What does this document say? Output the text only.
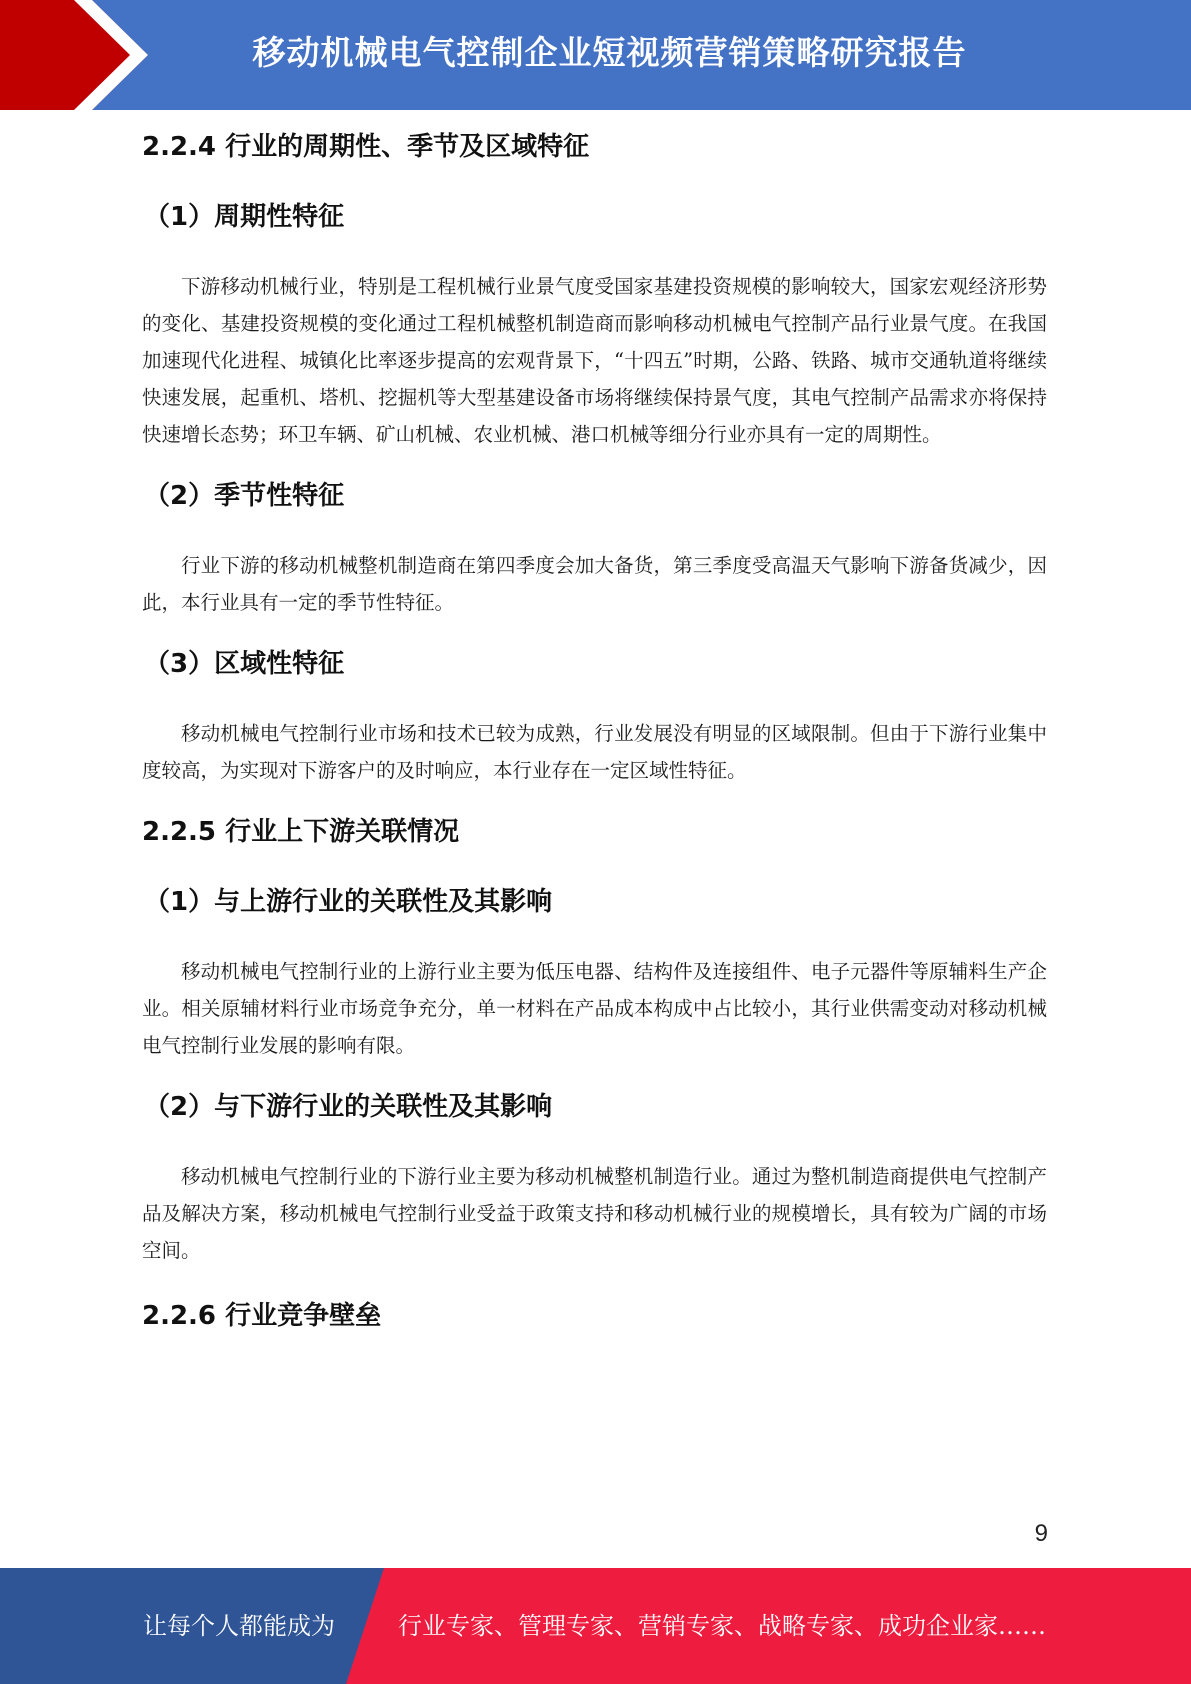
移动机械电气控制企业短视频营销策略研究报告
2.2.4 行业的周期性、季节及区域特征
（1）周期性特征

下游移动机械行业，特别是工程机械行业景气度受国家基建投资规模的影响较大，国家宏观经济形势的变化、基建投资规模的变化通过工程机械整机制造商而影响移动机械电气控制产品行业景气度。在我国加速现代化进程、城镇化比率逐步提高的宏观背景下，“十四五”时期，公路、铁路、城市交通轨道将继续快速发展，起重机、塔机、挖掘机等大型基建设备市场将继续保持景气度，其电气控制产品需求亦将保持快速增长态势；环卫车辆、矿山机械、农业机械、港口机械等细分行业亦具有一定的周期性。

（2）季节性特征

行业下游的移动机械整机制造商在第四季度会加大备货，第三季度受高温天气影响下游备货减少，因此，本行业具有一定的季节性特征。

（3）区域性特征

移动机械电气控制行业市场和技术已较为成熟，行业发展没有明显的区域限制。但由于下游行业集中度较高，为实现对下游客户的及时响应，本行业存在一定区域性特征。

2.2.5 行业上下游关联情况
（1）与上游行业的关联性及其影响

移动机械电气控制行业的上游行业主要为低压电器、结构件及连接组件、电子元器件等原辅料生产企业。相关原辅材料行业市场竞争充分，单一材料在产品成本构成中占比较小，其行业供需变动对移动机械电气控制行业发展的影响有限。

（2）与下游行业的关联性及其影响

移动机械电气控制行业的下游行业主要为移动机械整机制造行业。通过为整机制造商提供电气控制产品及解决方案，移动机械电气控制行业受益于政策支持和移动机械行业的规模增长，具有较为广阔的市场空间。

2.2.6 行业竞争壁垒
9
让每个人都能成为	行业专家、管理专家、营销专家、战略专家、成功企业家……
